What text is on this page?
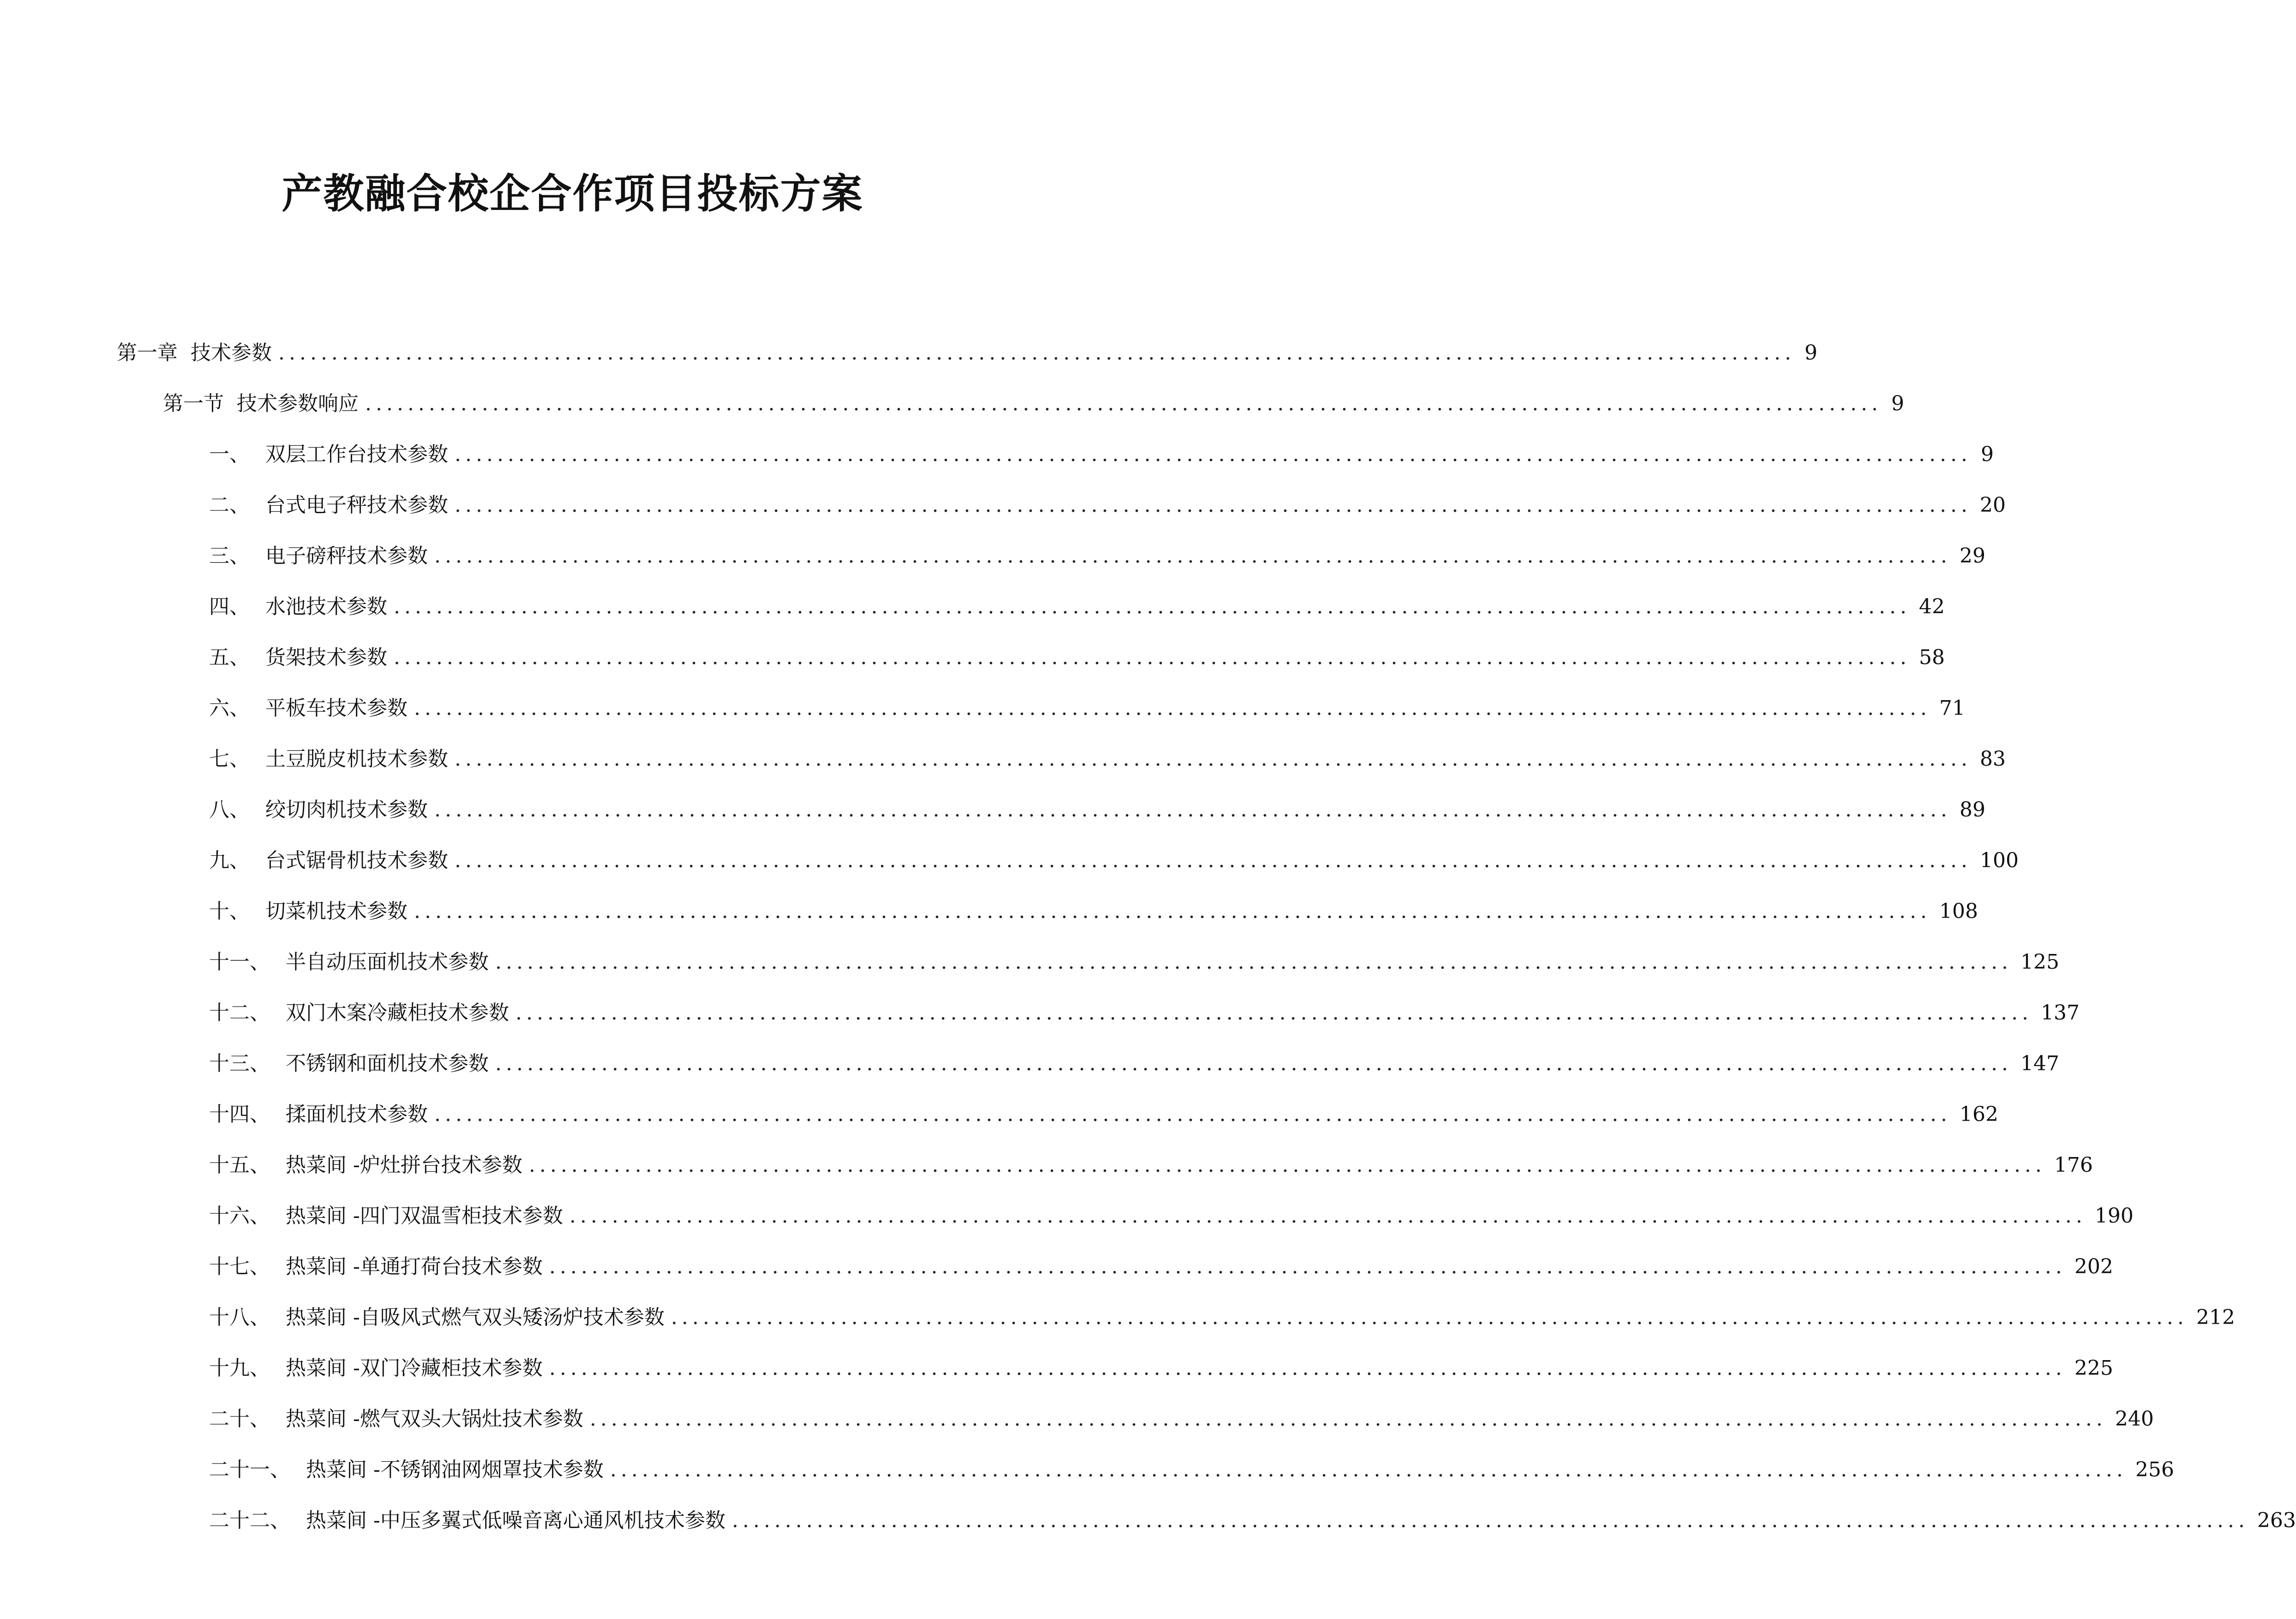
产教融合校企合作项目投标方案
第一章 技术参数 ............................................................................................................................................... 9
第一节 技术参数响应 ............................................................................................................................................... 9
一、 双层工作台技术参数 ............................................................................................................................................... 9
二、 台式电子秤技术参数 ............................................................................................................................................... 20
三、 电子磅秤技术参数 ............................................................................................................................................... 29
四、 水池技术参数 ............................................................................................................................................... 42
五、 货架技术参数 ............................................................................................................................................... 58
六、 平板车技术参数 ............................................................................................................................................... 71
七、 土豆脱皮机技术参数 ............................................................................................................................................... 83
八、 绞切肉机技术参数 ............................................................................................................................................... 89
九、 台式锯骨机技术参数 ............................................................................................................................................... 100
十、 切菜机技术参数 ............................................................................................................................................... 108
十一、 半自动压面机技术参数 ............................................................................................................................................... 125
十二、 双门木案冷藏柜技术参数 ............................................................................................................................................... 137
十三、 不锈钢和面机技术参数 ............................................................................................................................................... 147
十四、 揉面机技术参数 ............................................................................................................................................... 162
十五、 热菜间 -炉灶拼台技术参数 ............................................................................................................................................... 176
十六、 热菜间 -四门双温雪柜技术参数 ............................................................................................................................................... 190
十七、 热菜间 -单通打荷台技术参数 ............................................................................................................................................... 202
十八、 热菜间 -自吸风式燃气双头矮汤炉技术参数 ............................................................................................................................................... 212
十九、 热菜间 -双门冷藏柜技术参数 ............................................................................................................................................... 225
二十、 热菜间 -燃气双头大锅灶技术参数 ............................................................................................................................................... 240
二十一、 热菜间 -不锈钢油网烟罩技术参数 ............................................................................................................................................... 256
二十二、 热菜间 -中压多翼式低噪音离心通风机技术参数 ............................................................................................................................................... 263
